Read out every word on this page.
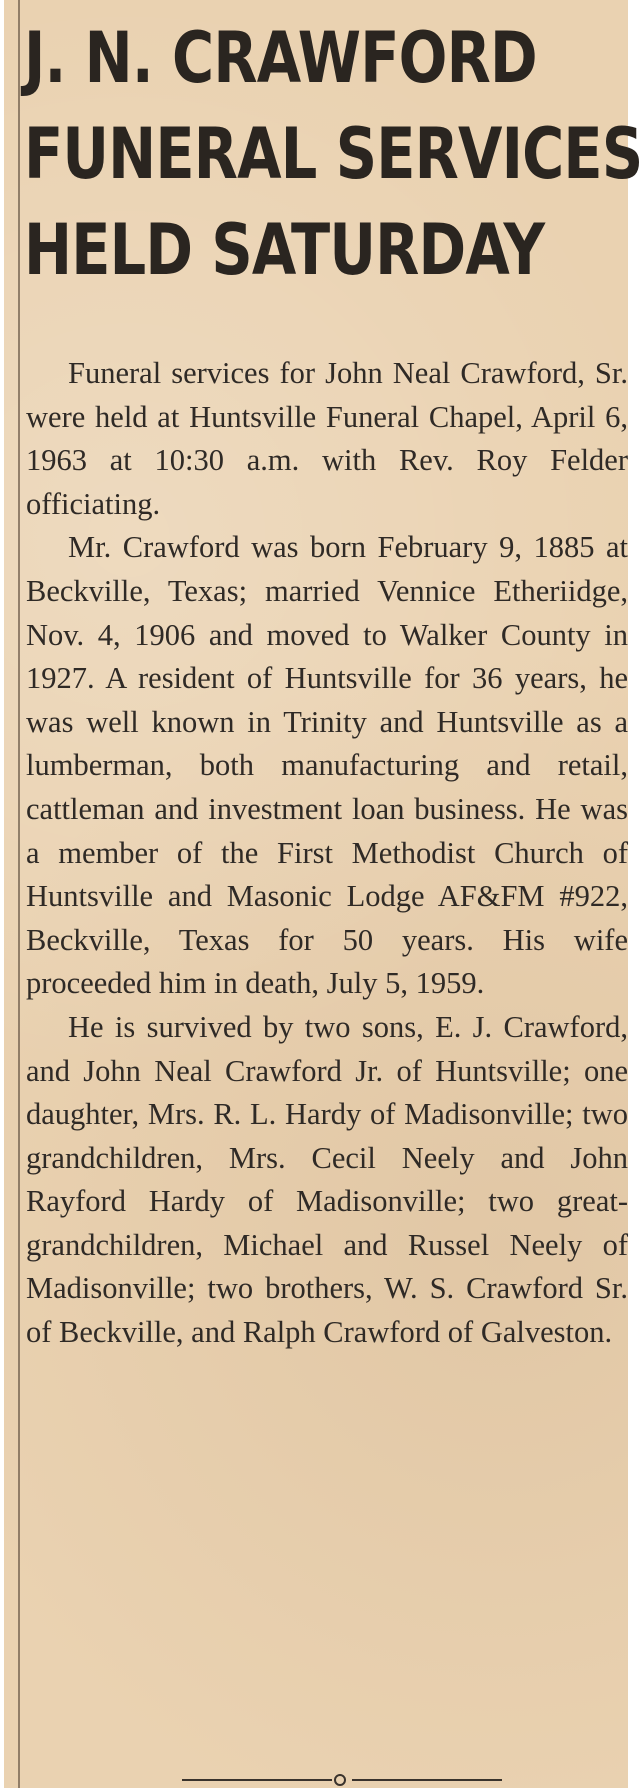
J. N. CRAWFORD
FUNERAL SERVICES
HELD SATURDAY

Funeral services for John Neal Crawford, Sr. were held at Huntsville Funeral Chapel, April 6, 1963 at 10:30 a.m. with Rev. Roy Felder officiating.

Mr. Crawford was born February 9, 1885 at Beckville, Texas; married Vennice Etheriidge, Nov. 4, 1906 and moved to Walker County in 1927. A resident of Huntsville for 36 years, he was well known in Trinity and Huntsville as a lumberman, both manufacturing and retail, cattleman and investment loan business. He was a member of the First Methodist Church of Huntsville and Masonic Lodge AF&FM #922, Beckville, Texas for 50 years. His wife proceeded him in death, July 5, 1959.

He is survived by two sons, E. J. Crawford, and John Neal Crawford Jr. of Huntsville; one daughter, Mrs. R. L. Hardy of Madisonville; two grandchildren, Mrs. Cecil Neely and John Rayford Hardy of Madisonville; two great-grandchildren, Michael and Russel Neely of Madisonville; two brothers, W. S. Crawford Sr. of Beckville, and Ralph Crawford of Galveston.
